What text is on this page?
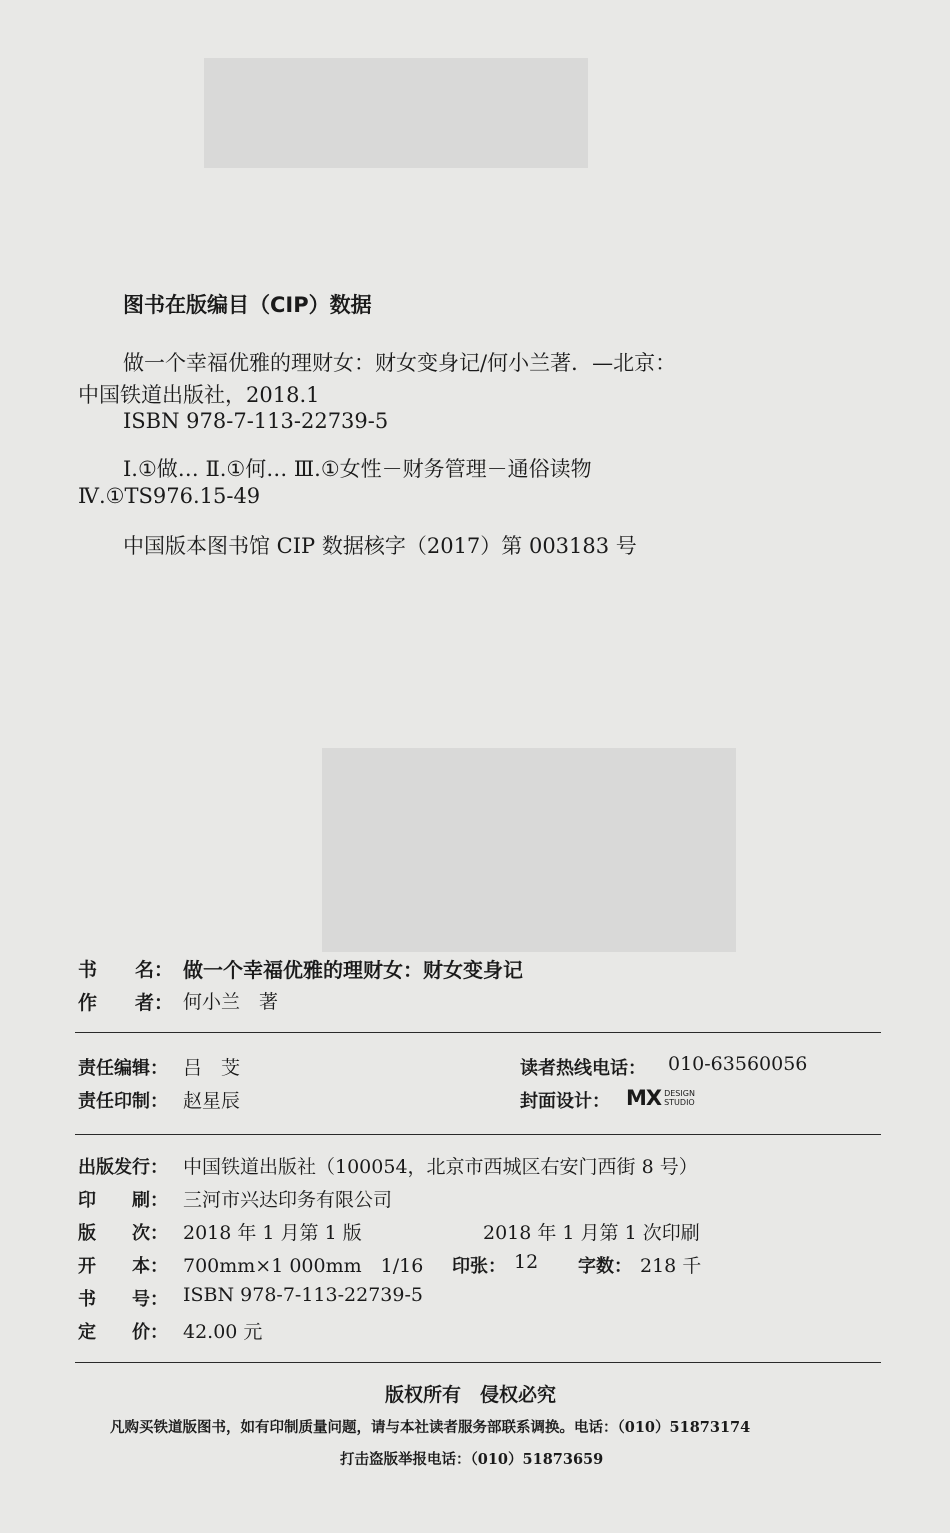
图书在版编目（CIP）数据
做一个幸福优雅的理财女：财女变身记/何小兰著．—北京：
中国铁道出版社，2018.1
ISBN 978-7-113-22739-5
Ⅰ.①做… Ⅱ.①何… Ⅲ.①女性－财务管理－通俗读物
Ⅳ.①TS976.15-49
中国版本图书馆 CIP 数据核字（2017）第 003183 号
书　　名： 做一个幸福优雅的理财女：财女变身记
作　　者： 何小兰　著
责任编辑： 吕　芠	读者热线电话： 010-63560056
责任印制： 赵星辰	封面设计： MX DESIGN
STUDIO
出版发行： 中国铁道出版社（100054，北京市西城区右安门西街 8 号）
印　　刷： 三河市兴达印务有限公司
版　　次： 2018 年 1 月第 1 版	2018 年 1 月第 1 次印刷
开　　本： 700mm×1 000mm　1/16 印张： 12 字数： 218 千
书　　号： ISBN 978-7-113-22739-5
定　　价： 42.00 元
版权所有　侵权必究
凡购买铁道版图书，如有印制质量问题，请与本社读者服务部联系调换。电话：（010）51873174
打击盗版举报电话：（010）51873659
